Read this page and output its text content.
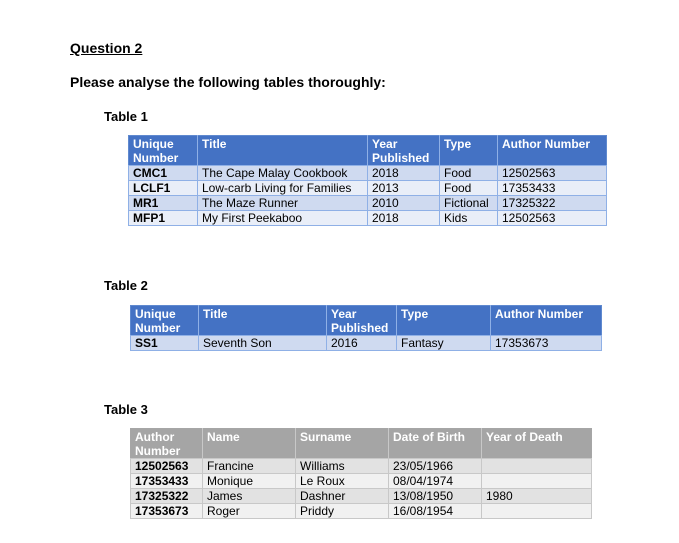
Question 2
Please analyse the following tables thoroughly:
Table 1
Unique Number	Title	Year Published	Type	Author Number
CMC1	The Cape Malay Cookbook	2018	Food	12502563
LCLF1	Low-carb Living for Families	2013	Food	17353433
MR1	The Maze Runner	2010	Fictional	17325322
MFP1	My First Peekaboo	2018	Kids	12502563
Table 2
Unique Number	Title	Year Published	Type	Author Number
SS1	Seventh Son	2016	Fantasy	17353673
Table 3
Author Number	Name	Surname	Date of Birth	Year of Death
12502563	Francine	Williams	23/05/1966	
17353433	Monique	Le Roux	08/04/1974	
17325322	James	Dashner	13/08/1950	1980
17353673	Roger	Priddy	16/08/1954	
